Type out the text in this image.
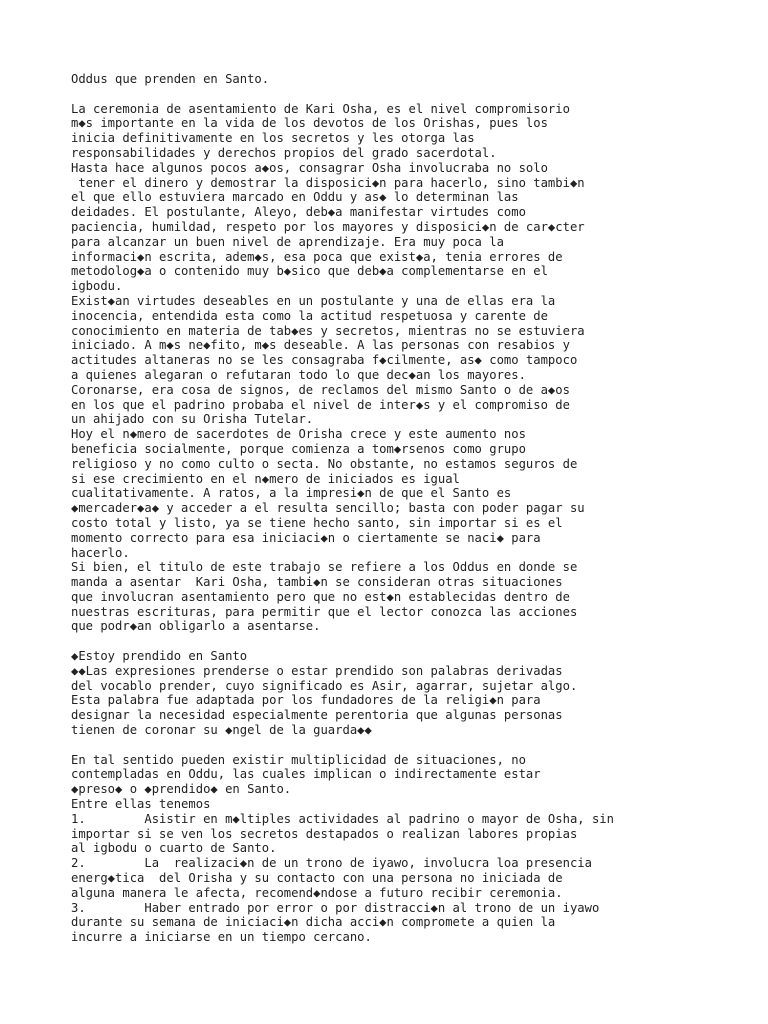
Oddus que prenden en Santo.
La ceremonia de asentamiento de Kari Osha, es el nivel compromisorio
m◆s importante en la vida de los devotos de los Orishas, pues los
inicia definitivamente en los secretos y les otorga las
responsabilidades y derechos propios del grado sacerdotal.
Hasta hace algunos pocos a◆os, consagrar Osha involucraba no solo
tener el dinero y demostrar la disposici◆n para hacerlo, sino tambi◆n
el que ello estuviera marcado en Oddu y as◆ lo determinan las
deidades. El postulante, Aleyo, deb◆a manifestar virtudes como
paciencia, humildad, respeto por los mayores y disposici◆n de car◆cter
para alcanzar un buen nivel de aprendizaje. Era muy poca la
informaci◆n escrita, adem◆s, esa poca que exist◆a, tenia errores de
metodolog◆a o contenido muy b◆sico que deb◆a complementarse en el
igbodu.
Exist◆an virtudes deseables en un postulante y una de ellas era la
inocencia, entendida esta como la actitud respetuosa y carente de
conocimiento en materia de tab◆es y secretos, mientras no se estuviera
iniciado. A m◆s ne◆fito, m◆s deseable. A las personas con resabios y
actitudes altaneras no se les consagraba f◆cilmente, as◆ como tampoco
a quienes alegaran o refutaran todo lo que dec◆an los mayores.
Coronarse, era cosa de signos, de reclamos del mismo Santo o de a◆os
en los que el padrino probaba el nivel de inter◆s y el compromiso de
un ahijado con su Orisha Tutelar.
Hoy el n◆mero de sacerdotes de Orisha crece y este aumento nos
beneficia socialmente, porque comienza a tom◆rsenos como grupo
religioso y no como culto o secta. No obstante, no estamos seguros de
si ese crecimiento en el n◆mero de iniciados es igual
cualitativamente. A ratos, a la impresi◆n de que el Santo es
◆mercader◆a◆ y acceder a el resulta sencillo; basta con poder pagar su
costo total y listo, ya se tiene hecho santo, sin importar si es el
momento correcto para esa iniciaci◆n o ciertamente se naci◆ para
hacerlo.
Si bien, el titulo de este trabajo se refiere a los Oddus en donde se
manda a asentar  Kari Osha, tambi◆n se consideran otras situaciones
que involucran asentamiento pero que no est◆n establecidas dentro de
nuestras escrituras, para permitir que el lector conozca las acciones
que podr◆an obligarlo a asentarse.
◆Estoy prendido en Santo
◆◆Las expresiones prenderse o estar prendido son palabras derivadas
del vocablo prender, cuyo significado es Asir, agarrar, sujetar algo.
Esta palabra fue adaptada por los fundadores de la religi◆n para
designar la necesidad especialmente perentoria que algunas personas
tienen de coronar su ◆ngel de la guarda◆◆
En tal sentido pueden existir multiplicidad de situaciones, no
contempladas en Oddu, las cuales implican o indirectamente estar
◆preso◆ o ◆prendido◆ en Santo.
Entre ellas tenemos
1.        Asistir en m◆ltiples actividades al padrino o mayor de Osha, sin
importar si se ven los secretos destapados o realizan labores propias
al igbodu o cuarto de Santo.
2.        La  realizaci◆n de un trono de iyawo, involucra loa presencia
energ◆tica  del Orisha y su contacto con una persona no iniciada de
alguna manera le afecta, recomend◆ndose a futuro recibir ceremonia.
3.        Haber entrado por error o por distracci◆n al trono de un iyawo
durante su semana de iniciaci◆n dicha acci◆n compromete a quien la
incurre a iniciarse en un tiempo cercano.
